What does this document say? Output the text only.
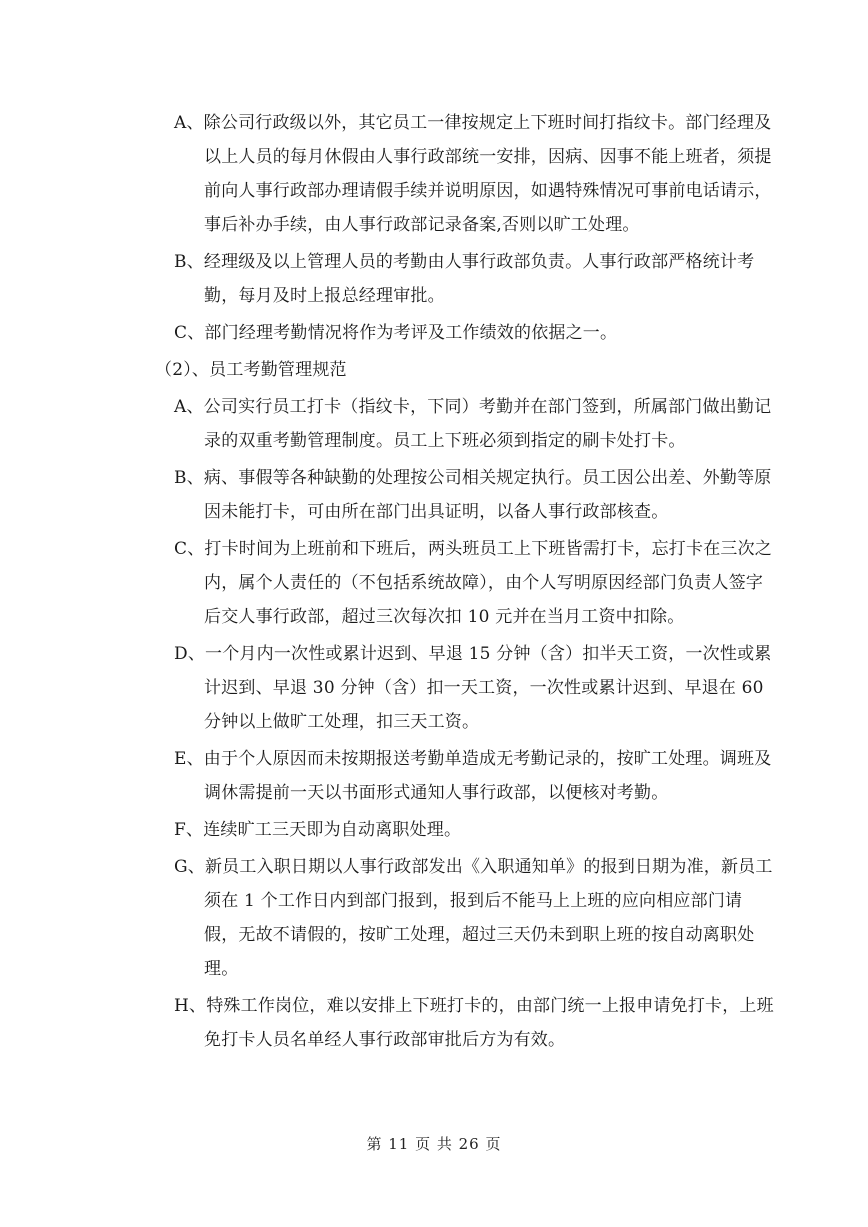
A、除公司行政级以外，其它员工一律按规定上下班时间打指纹卡。部门经理及以上人员的每月休假由人事行政部统一安排，因病、因事不能上班者，须提前向人事行政部办理请假手续并说明原因，如遇特殊情况可事前电话请示，事后补办手续，由人事行政部记录备案,否则以旷工处理。

B、经理级及以上管理人员的考勤由人事行政部负责。人事行政部严格统计考勤，每月及时上报总经理审批。

C、部门经理考勤情况将作为考评及工作绩效的依据之一。

（2）、员工考勤管理规范

A、公司实行员工打卡（指纹卡，下同）考勤并在部门签到，所属部门做出勤记录的双重考勤管理制度。员工上下班必须到指定的刷卡处打卡。

B、病、事假等各种缺勤的处理按公司相关规定执行。员工因公出差、外勤等原因未能打卡，可由所在部门出具证明，以备人事行政部核查。

C、打卡时间为上班前和下班后，两头班员工上下班皆需打卡，忘打卡在三次之内，属个人责任的（不包括系统故障），由个人写明原因经部门负责人签字后交人事行政部，超过三次每次扣 10 元并在当月工资中扣除。

D、一个月内一次性或累计迟到、早退 15 分钟（含）扣半天工资，一次性或累计迟到、早退 30 分钟（含）扣一天工资，一次性或累计迟到、早退在 60 分钟以上做旷工处理，扣三天工资。

E、由于个人原因而未按期报送考勤单造成无考勤记录的，按旷工处理。调班及调休需提前一天以书面形式通知人事行政部，以便核对考勤。

F、连续旷工三天即为自动离职处理。

G、新员工入职日期以人事行政部发出《入职通知单》的报到日期为准，新员工须在 1 个工作日内到部门报到，报到后不能马上上班的应向相应部门请假，无故不请假的，按旷工处理，超过三天仍未到职上班的按自动离职处理。

H、特殊工作岗位，难以安排上下班打卡的，由部门统一上报申请免打卡，上班免打卡人员名单经人事行政部审批后方为有效。

第 11 页 共 26 页
